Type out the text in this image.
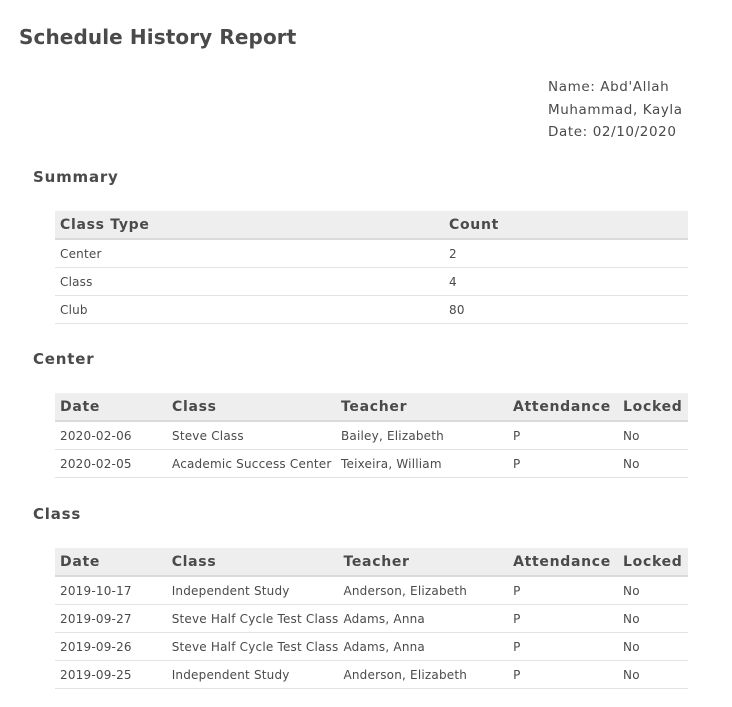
Schedule History Report
Name: Abd'Allah
Muhammad, Kayla
Date: 02/10/2020
Summary
Class Type	Count
Center	2
Class	4
Club	80
Center
Date	Class	Teacher	Attendance	Locked
2020-02-06	Steve Class	Bailey, Elizabeth	P	No
2020-02-05	Academic Success Center	Teixeira, William	P	No
Class
Date	Class	Teacher	Attendance	Locked
2019-10-17	Independent Study	Anderson, Elizabeth	P	No
2019-09-27	Steve Half Cycle Test Class	Adams, Anna	P	No
2019-09-26	Steve Half Cycle Test Class	Adams, Anna	P	No
2019-09-25	Independent Study	Anderson, Elizabeth	P	No
